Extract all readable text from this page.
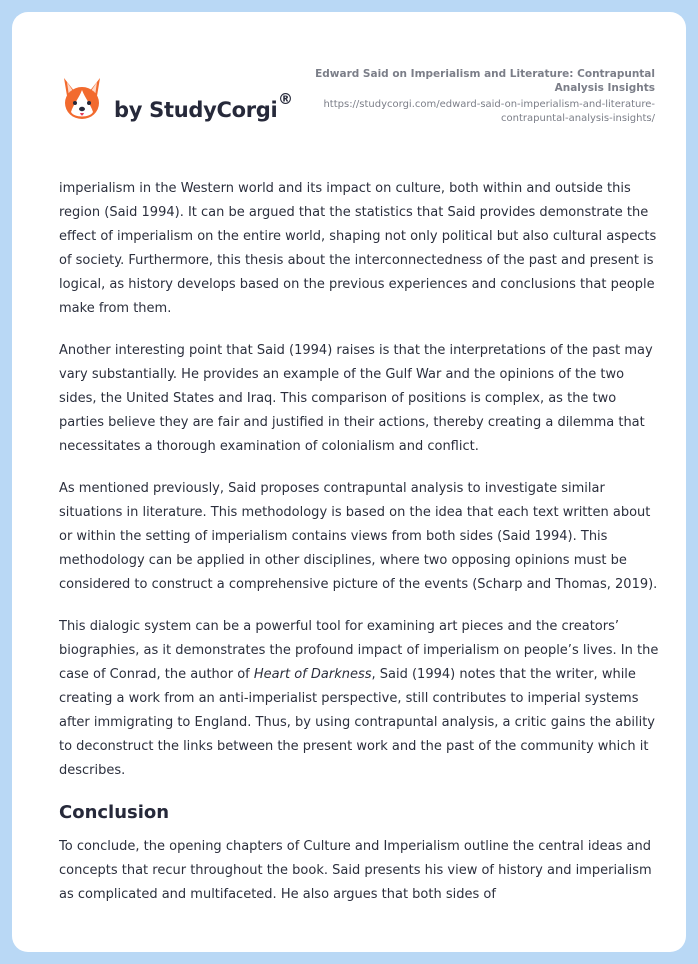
by StudyCorgi ®
Edward Said on Imperialism and Literature: Contrapuntal Analysis Insights
https://studycorgi.com/edward-said-on-imperialism-and-literature-contrapuntal-analysis-insights/

imperialism in the Western world and its impact on culture, both within and outside this region (Said 1994). It can be argued that the statistics that Said provides demonstrate the effect of imperialism on the entire world, shaping not only political but also cultural aspects of society. Furthermore, this thesis about the interconnectedness of the past and present is logical, as history develops based on the previous experiences and conclusions that people make from them.

Another interesting point that Said (1994) raises is that the interpretations of the past may vary substantially. He provides an example of the Gulf War and the opinions of the two sides, the United States and Iraq. This comparison of positions is complex, as the two parties believe they are fair and justified in their actions, thereby creating a dilemma that necessitates a thorough examination of colonialism and conflict.

As mentioned previously, Said proposes contrapuntal analysis to investigate similar situations in literature. This methodology is based on the idea that each text written about or within the setting of imperialism contains views from both sides (Said 1994). This methodology can be applied in other disciplines, where two opposing opinions must be considered to construct a comprehensive picture of the events (Scharp and Thomas, 2019).

This dialogic system can be a powerful tool for examining art pieces and the creators’ biographies, as it demonstrates the profound impact of imperialism on people’s lives. In the case of Conrad, the author of Heart of Darkness, Said (1994) notes that the writer, while creating a work from an anti-imperialist perspective, still contributes to imperial systems after immigrating to England. Thus, by using contrapuntal analysis, a critic gains the ability to deconstruct the links between the present work and the past of the community which it describes.

Conclusion

To conclude, the opening chapters of Culture and Imperialism outline the central ideas and concepts that recur throughout the book. Said presents his view of history and imperialism as complicated and multifaceted. He also argues that both sides of
